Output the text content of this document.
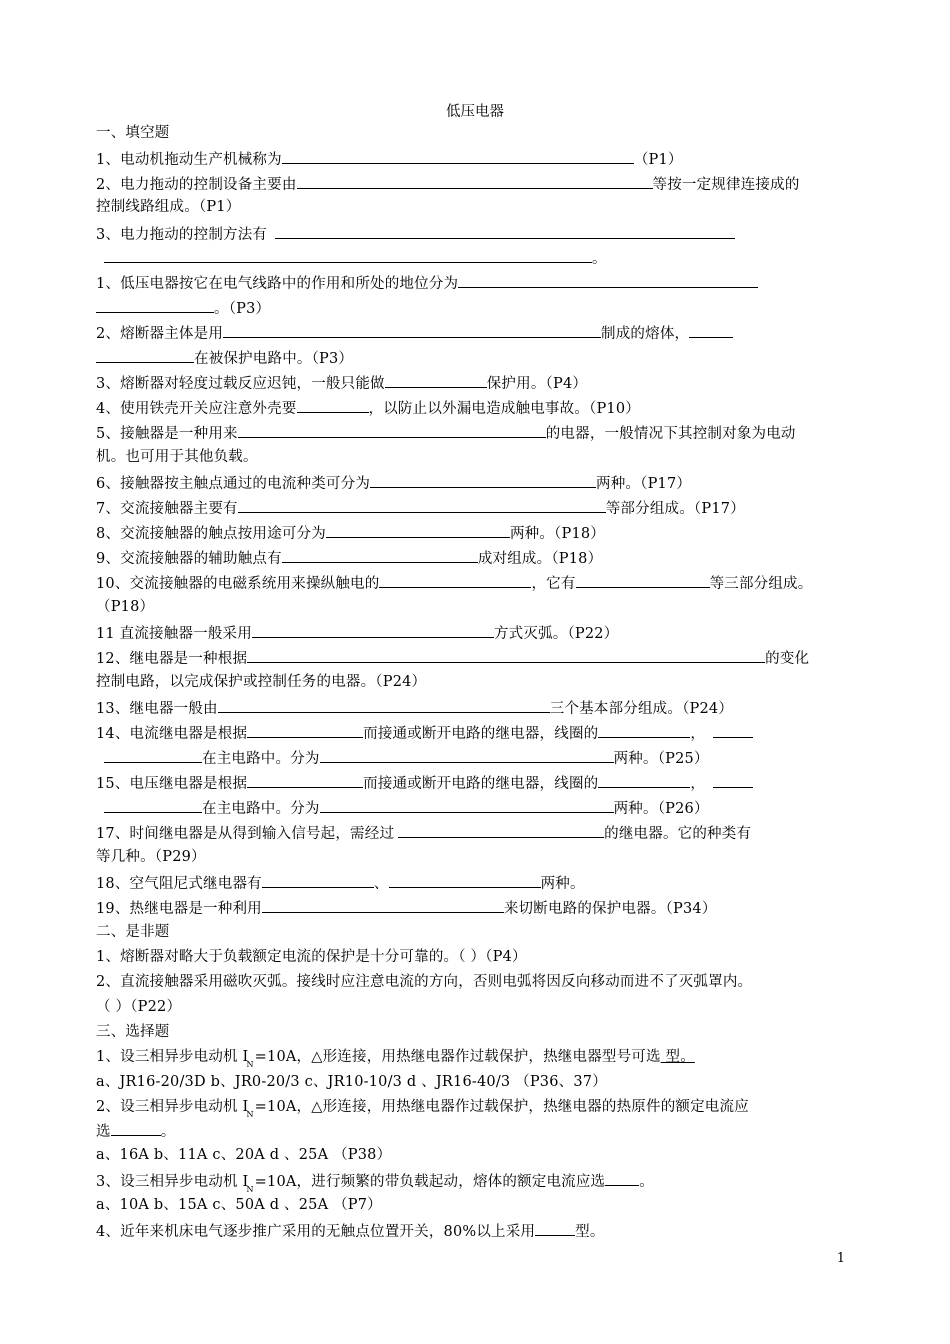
低压电器
一、填空题
1、电动机拖动生产机械称为	（P1）
2、电力拖动的控制设备主要由	等按一定规律连接成的
控制线路组成。（P1）
3、电力拖动的控制方法有
。
1、低压电器按它在电气线路中的作用和所处的地位分为
。（P3）
2、熔断器主体是用	制成的熔体，
在被保护电路中。（P3）
3、熔断器对轻度过载反应迟钝，一般只能做	保护用。（P4）
4、使用铁壳开关应注意外壳要	，以防止以外漏电造成触电事故。（P10）
5、接触器是一种用来	的电器，一般情况下其控制对象为电动
机。也可用于其他负载。
6、接触器按主触点通过的电流种类可分为	两种。（P17）
7、交流接触器主要有	等部分组成。（P17）
8、交流接触器的触点按用途可分为	两种。（P18）
9、交流接触器的辅助触点有	成对组成。（P18）
10、交流接触器的电磁系统用来操纵触电的	，它有	等三部分组成。
（P18）
11 直流接触器一般采用	方式灭弧。（P22）
12、继电器是一种根据	的变化
控制电路，以完成保护或控制任务的电器。（P24）
13、继电器一般由	三个基本部分组成。（P24）
14、电流继电器是根据	而接通或断开电路的继电器，线圈的	，
在主电路中。分为	两种。（P25）
15、电压继电器是根据	而接通或断开电路的继电器，线圈的	，
在主电路中。分为	两种。（P26）
17、时间继电器是从得到输入信号起，需经过	的继电器。它的种类有
等几种。（P29）
18、空气阻尼式继电器有	、	两种。
19、热继电器是一种利用	来切断电路的保护电器。（P34）
二、是非题
1、熔断器对略大于负载额定电流的保护是十分可靠的。（ ）（P4）
2、直流接触器采用磁吹灭弧。接线时应注意电流的方向，否则电弧将因反向移动而进不了灭弧罩内。
（ ）（P22）
三、选择题
1、设三相异步电动机 $I_N=10A$，△形连接，用热继电器作过载保护，热继电器型号可选 型。
a、JR16-20/3D b、JR0-20/3 c、JR10-10/3 d 、JR16-40/3 （P36、37）
2、设三相异步电动机 $I_N=10A$，△形连接，用热继电器作过载保护，热继电器的热原件的额定电流应
选	。
a、16A b、11A c、20A d 、25A （P38）
3、设三相异步电动机 $I_N=10A$，进行频繁的带负载起动，熔体的额定电流应选 。
a、10A b、15A c、50A d 、25A （P7）
4、近年来机床电气逐步推广采用的无触点位置开关，80%以上采用	型。
1
